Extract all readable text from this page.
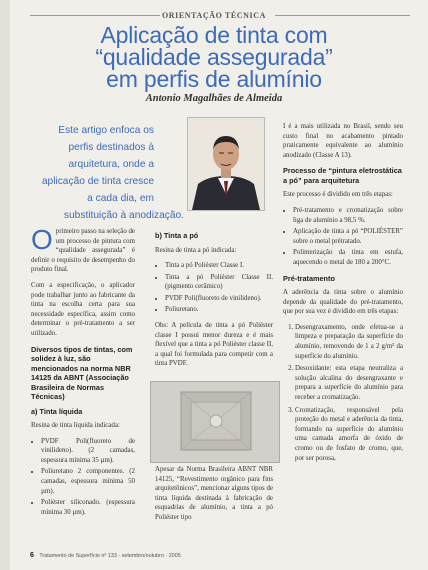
ORIENTAÇÃO TÉCNICA
Aplicação de tinta com
“qualidade assegurada”
em perfis de alumínio
Antonio Magalhães de Almeida
Este artigo enfoca os
perfis destinados à
arquitetura, onde a
aplicação de tinta cresce
a cada dia, em
substituição à anodização.

Oprimeiro passo na seleção de um processo de pintura com “qualidade assegurada” é definir o requisito de desempenho do produto final.

Com a especificação, o aplicador pode trabalhar junto ao fabricante da tinta na escolha certa para sua necessidade específica, assim como determinar o pré-tratamento a ser utilizado.

Diversos tipos de tintas, com solidez à luz, são mencionados na norma NBR 14125 da ABNT (Associação Brasileira de Normas Técnicas)
a) Tinta líquida

Resina de tinta líquida indicada:

• PVDF Poli(fluoreto de vinilideno). (2 camadas, espessura mínima 35 µm).
• Poliuretano 2 componentes. (2 camadas, espessura mínima 50 µm).
• Poliéster siliconado. (espessura mínima 30 µm).
b) Tinta a pó

Resina de tinta a pó indicada:

• Tinta a pó Poliéster Classe I.
• Tinta a pó Poliéster Classe II. (pigmento cerâmico)
• PVDF Poli(fluoreto de vinilideno).
• Poliuretano.

Obs: A película de tinta a pó Poliéster classe I possui menor dureza e é mais flexível que a tinta a pó Poliéster classe II, a qual foi formulada para competir com a tinta PVDF.

Apesar da Norma Brasileira ABNT NBR 14125, “Revestimento orgânico para fins arquitetônicos”, mencionar alguns tipos de tinta líquida destinada à fabricação de esquadrias de alumínio, a tinta a pó Poliéster tipo

I é a mais utilizada no Brasil, sendo seu custo final no acabamento pintado praticamente equivalente ao alumínio anodizado (Classe A 13).

Processo de “pintura eletrostática a pó” para arquitetura

Este processo é dividido em três etapas:

• Pré-tratamento e cromatização sobre liga de alumínio a 98,5 %.
• Aplicação de tinta a pó “POLIÉSTER” sobre o metal prétratado.
• Polimerização da tinta em estufa, aquecendo o metal de 180 a 200°C.
Pré-tratamento

A aderência da tinta sobre o alumínio depende da qualidade do pré-tratamento, que por sua vez é dividido em três etapas:

1. Desengraxamento, onde efetua-se a limpeza e preparação da superfície do alumínio, removendo de 1 a 2 g/m² da superfície do alumínio.
2. Desoxidante: esta etapa neutraliza a solução alcalina do desengraxante e prepara a superfície do alumínio para receber a cromatização.
3. Cromatização, responsável pela proteção do metal e aderência da tinta, formando na superfície do alumínio uma camada amorfa de óxido de cromo ou de fosfato de cromo, que, por ser porosa,
6 Tratamento de Superfície nº 133 · setembro/outubro · 2005
